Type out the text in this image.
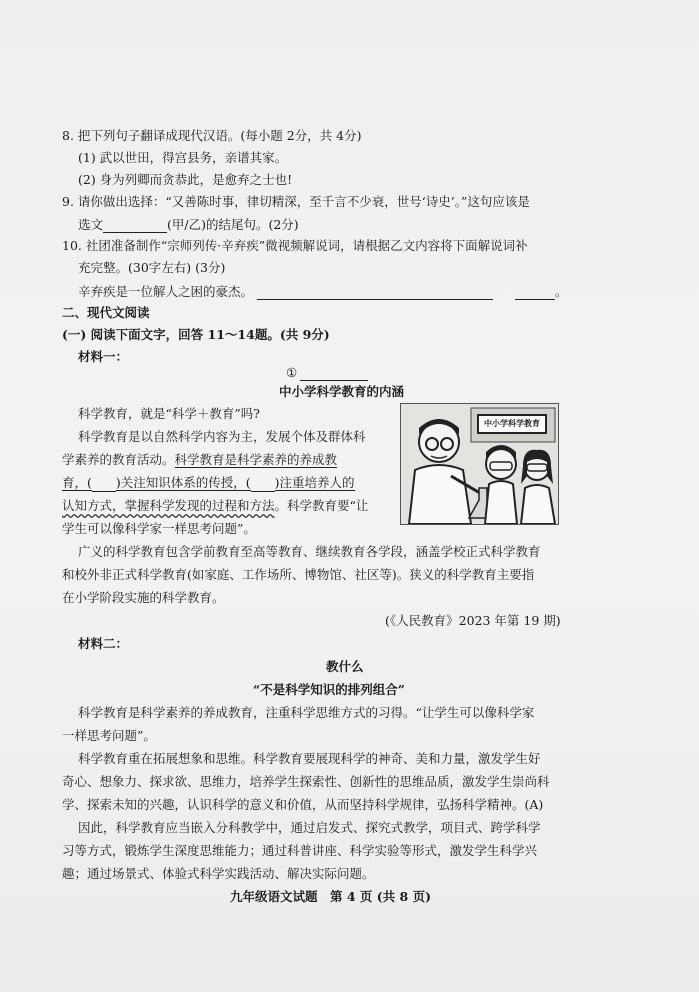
8. 把下列句子翻译成现代汉语。(每小题 2分，共 4分)
(1) 武以世田，得宫县务，亲谱其家。
(2) 身为列卿而贪恭此，是愈弃之士也!
9. 请你做出选择：“又善陈时事，律切精深，至千言不少衰，世号‘诗史’。”这句应该是
选文	(甲/乙)的结尾句。(2分)
10. 社团准备制作“宗师列传·辛弃疾”微视频解说词，请根据乙文内容将下面解说词补
充完整。(30字左右) (3分)
辛弃疾是一位解人之困的豪杰。	。
二、现代文阅读
(一) 阅读下面文字，回答 11～14题。(共 9分)
材料一：
①
中小学科学教育的内涵
科学教育，就是“科学＋教育”吗?
科学教育是以自然科学内容为主，发展个体及群体科
学素养的教育活动。科学教育是科学素养的养成教
育，( )关注知识体系的传授，( )注重培养人的
认知方式，掌握科学发现的过程和方法。科学教育要“让
学生可以像科学家一样思考问题”。
中小学科学教育
广义的科学教育包含学前教育至高等教育、继续教育各学段，涵盖学校正式科学教育
和校外非正式科学教育(如家庭、工作场所、博物馆、社区等)。狭义的科学教育主要指
在小学阶段实施的科学教育。
(《人民教育》2023 年第 19 期)
材料二：
教什么
“不是科学知识的排列组合”
科学教育是科学素养的养成教育，注重科学思维方式的习得。“让学生可以像科学家
一样思考问题”。
科学教育重在拓展想象和思维。科学教育要展现科学的神奇、美和力量，激发学生好
奇心、想象力、探求欲、思维力，培养学生探索性、创新性的思维品质，激发学生崇尚科
学、探索未知的兴趣，认识科学的意义和价值，从而坚持科学规律，弘扬科学精神。(A)
因此，科学教育应当嵌入分科教学中，通过启发式、探究式教学，项目式、跨学科学
习等方式，锻炼学生深度思维能力；通过科普讲座、科学实验等形式，激发学生科学兴
趣；通过场景式、体验式科学实践活动、解决实际问题。
九年级语文试题　第 4 页 (共 8 页)
